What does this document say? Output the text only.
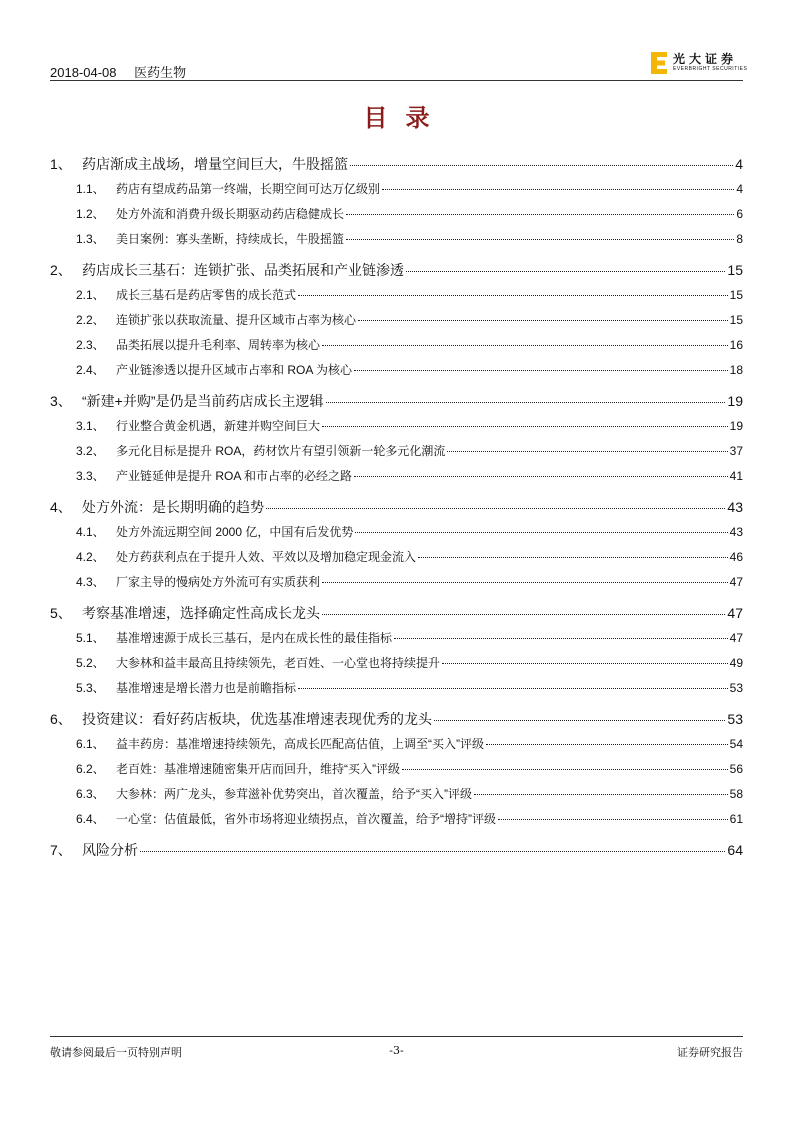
2018-04-08 医药生物
光大证券
EVERBRIGHT SECURITIES
目录
1、 药店渐成主战场，增量空间巨大，牛股摇篮	4
1.1、 药店有望成药品第一终端，长期空间可达万亿级别	4
1.2、 处方外流和消费升级长期驱动药店稳健成长	6
1.3、 美日案例：寡头垄断，持续成长，牛股摇篮	8
2、 药店成长三基石：连锁扩张、品类拓展和产业链渗透	15
2.1、 成长三基石是药店零售的成长范式	15
2.2、 连锁扩张以获取流量、提升区域市占率为核心	15
2.3、 品类拓展以提升毛利率、周转率为核心	16
2.4、 产业链渗透以提升区域市占率和 ROA 为核心	18
3、 “新建+并购”是仍是当前药店成长主逻辑	19
3.1、 行业整合黄金机遇，新建并购空间巨大	19
3.2、 多元化目标是提升 ROA，药材饮片有望引领新一轮多元化潮流	37
3.3、 产业链延伸是提升 ROA 和市占率的必经之路	41
4、 处方外流：是长期明确的趋势	43
4.1、 处方外流远期空间 2000 亿，中国有后发优势	43
4.2、 处方药获利点在于提升人效、平效以及增加稳定现金流入	46
4.3、 厂家主导的慢病处方外流可有实质获利	47
5、 考察基准增速，选择确定性高成长龙头	47
5.1、 基准增速源于成长三基石，是内在成长性的最佳指标	47
5.2、 大参林和益丰最高且持续领先，老百姓、一心堂也将持续提升	49
5.3、 基准增速是增长潜力也是前瞻指标	53
6、 投资建议：看好药店板块，优选基准增速表现优秀的龙头	53
6.1、 益丰药房：基准增速持续领先，高成长匹配高估值，上调至“买入”评级	54
6.2、 老百姓：基准增速随密集开店而回升，维持“买入”评级	56
6.3、 大参林：两广龙头，参茸滋补优势突出，首次覆盖，给予“买入”评级	58
6.4、 一心堂：估值最低，省外市场将迎业绩拐点，首次覆盖，给予“增持”评级	61
7、 风险分析	64
敬请参阅最后一页特别声明	-3-	证券研究报告
